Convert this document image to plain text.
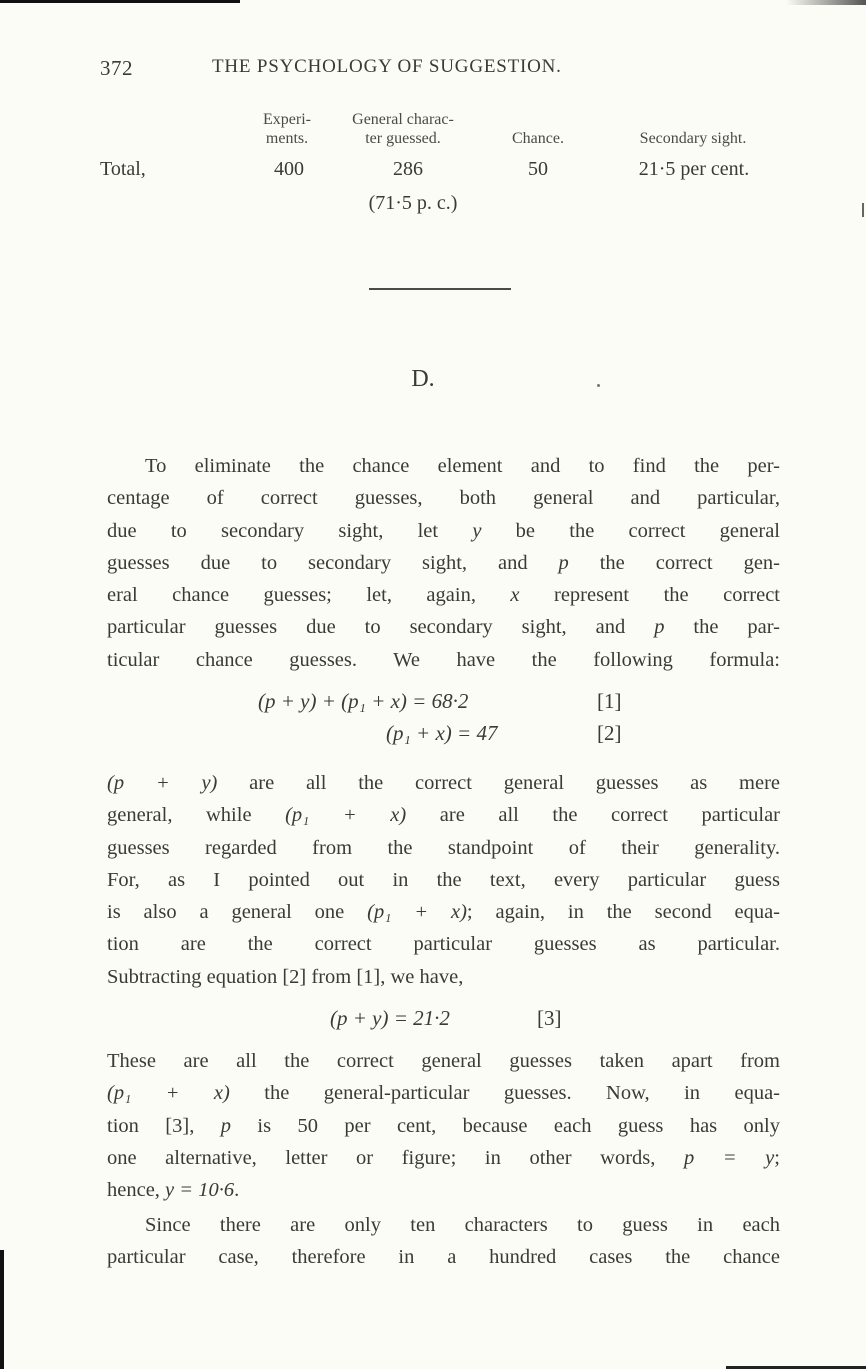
372	THE PSYCHOLOGY OF SUGGESTION.
Experi-
ments.
General charac-
ter guessed.	Chance.	Secondary sight.
Total,	400	286	50	21·5 per cent.
(71·5 p. c.)
D.

To eliminate the chance element and to find the per-

centage of correct guesses, both general and particular,

due to secondary sight, let y be the correct general

guesses due to secondary sight, and p the correct gen-

eral chance guesses; let, again, x represent the correct

particular guesses due to secondary sight, and p the par-

ticular chance guesses. We have the following formula:

(p + y) + (p₁ + x) = 68·2	[1]
(p₁ + x) = 47	[2]

(p + y) are all the correct general guesses as mere

general, while (p₁ + x) are all the correct particular

guesses regarded from the standpoint of their generality.

For, as I pointed out in the text, every particular guess

is also a general one (p₁ + x); again, in the second equa-

tion are the correct particular guesses as particular.

Subtracting equation [2] from [1], we have,

(p + y) = 21·2	[3]

These are all the correct general guesses taken apart from

(p₁ + x) the general-particular guesses. Now, in equa-

tion [3], p is 50 per cent, because each guess has only

one alternative, letter or figure; in other words, p = y;

hence, y = 10·6.

Since there are only ten characters to guess in each

particular case, therefore in a hundred cases the chance
